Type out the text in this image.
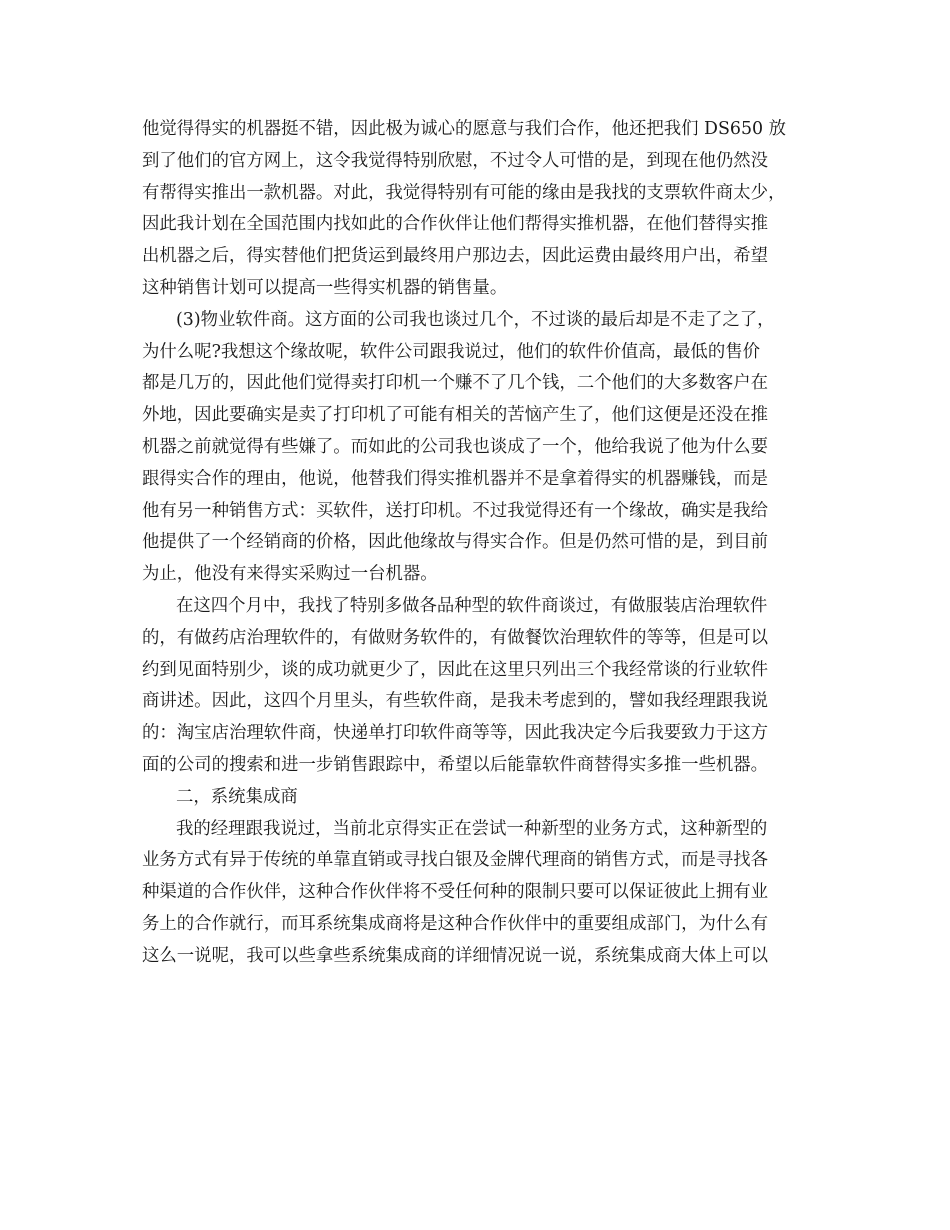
他觉得得实的机器挺不错，因此极为诚心的愿意与我们合作，他还把我们 DS650 放
到了他们的官方网上，这令我觉得特别欣慰，不过令人可惜的是，到现在他仍然没
有帮得实推出一款机器。对此，我觉得特别有可能的缘由是我找的支票软件商太少，
因此我计划在全国范围内找如此的合作伙伴让他们帮得实推机器，在他们替得实推
出机器之后，得实替他们把货运到最终用户那边去，因此运费由最终用户出，希望
这种销售计划可以提高一些得实机器的销售量。
(3)物业软件商。这方面的公司我也谈过几个，不过谈的最后却是不走了之了，
为什么呢?我想这个缘故呢，软件公司跟我说过，他们的软件价值高，最低的售价
都是几万的，因此他们觉得卖打印机一个赚不了几个钱，二个他们的大多数客户在
外地，因此要确实是卖了打印机了可能有相关的苦恼产生了，他们这便是还没在推
机器之前就觉得有些嫌了。而如此的公司我也谈成了一个，他给我说了他为什么要
跟得实合作的理由，他说，他替我们得实推机器并不是拿着得实的机器赚钱，而是
他有另一种销售方式：买软件，送打印机。不过我觉得还有一个缘故，确实是我给
他提供了一个经销商的价格，因此他缘故与得实合作。但是仍然可惜的是，到目前
为止，他没有来得实采购过一台机器。
在这四个月中，我找了特别多做各品种型的软件商谈过，有做服装店治理软件
的，有做药店治理软件的，有做财务软件的，有做餐饮治理软件的等等，但是可以
约到见面特别少，谈的成功就更少了，因此在这里只列出三个我经常谈的行业软件
商讲述。因此，这四个月里头，有些软件商，是我未考虑到的，譬如我经理跟我说
的：淘宝店治理软件商，快递单打印软件商等等，因此我决定今后我要致力于这方
面的公司的搜索和进一步销售跟踪中，希望以后能靠软件商替得实多推一些机器。
二，系统集成商
我的经理跟我说过，当前北京得实正在尝试一种新型的业务方式，这种新型的
业务方式有异于传统的单靠直销或寻找白银及金牌代理商的销售方式，而是寻找各
种渠道的合作伙伴，这种合作伙伴将不受任何种的限制只要可以保证彼此上拥有业
务上的合作就行，而耳系统集成商将是这种合作伙伴中的重要组成部门，为什么有
这么一说呢，我可以些拿些系统集成商的详细情况说一说，系统集成商大体上可以
